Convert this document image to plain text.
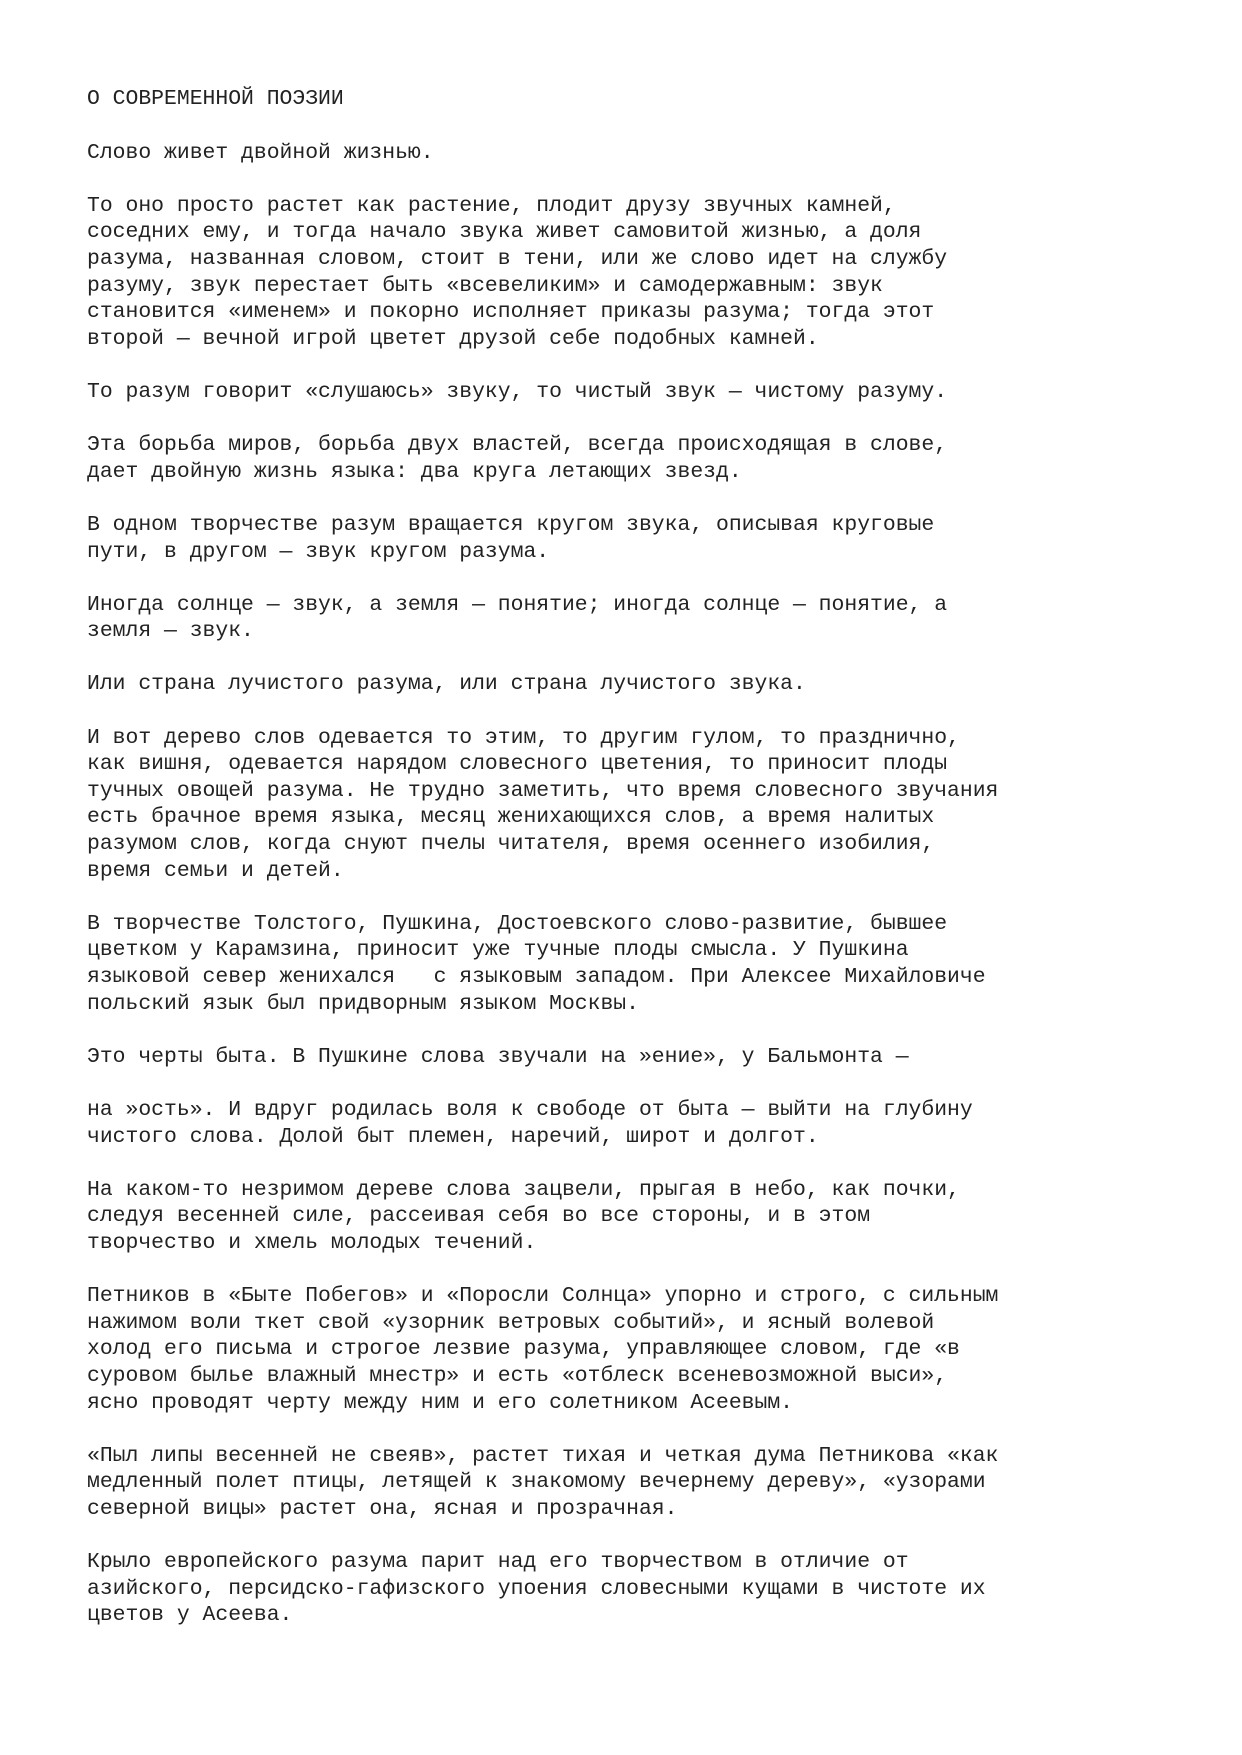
О СОВРЕМЕННОЙ ПОЭЗИИ
Слово живет двойной жизнью.
То оно просто растет как растение, плодит друзу звучных камней,
соседних ему, и тогда начало звука живет самовитой жизнью, а доля
разума, названная словом, стоит в тени, или же слово идет на службу
разуму, звук перестает быть «всевеликим» и самодержавным: звук
становится «именем» и покорно исполняет приказы разума; тогда этот
второй — вечной игрой цветет друзой себе подобных камней.
То разум говорит «слушаюсь» звуку, то чистый звук — чистому разуму.
Эта борьба миров, борьба двух властей, всегда происходящая в слове,
дает двойную жизнь языка: два круга летающих звезд.
В одном творчестве разум вращается кругом звука, описывая круговые
пути, в другом — звук кругом разума.
Иногда солнце — звук, а земля — понятие; иногда солнце — понятие, а
земля — звук.
Или страна лучистого разума, или страна лучистого звука.
И вот дерево слов одевается то этим, то другим гулом, то празднично,
как вишня, одевается нарядом словесного цветения, то приносит плоды
тучных овощей разума. Не трудно заметить, что время словесного звучания
есть брачное время языка, месяц женихающихся слов, а время налитых
разумом слов, когда снуют пчелы читателя, время осеннего изобилия,
время семьи и детей.
В творчестве Толстого, Пушкина, Достоевского слово-развитие, бывшее
цветком у Карамзина, приносит уже тучные плоды смысла. У Пушкина
языковой север женихался   с языковым западом. При Алексее Михайловиче
польский язык был придворным языком Москвы.
Это черты быта. В Пушкине слова звучали на »ение», у Бальмонта —
на »ость». И вдруг родилась воля к свободе от быта — выйти на глубину
чистого слова. Долой быт племен, наречий, широт и долгот.
На каком-то незримом дереве слова зацвели, прыгая в небо, как почки,
следуя весенней силе, рассеивая себя во все стороны, и в этом
творчество и хмель молодых течений.
Петников в «Быте Побегов» и «Поросли Солнца» упорно и строго, с сильным
нажимом воли ткет свой «узорник ветровых событий», и ясный волевой
холод его письма и строгое лезвие разума, управляющее словом, где «в
суровом былье влажный мнестр» и есть «отблеск всеневозможной выси»,
ясно проводят черту между ним и его солетником Асеевым.
«Пыл липы весенней не свеяв», растет тихая и четкая дума Петникова «как
медленный полет птицы, летящей к знакомому вечернему дереву», «узорами
северной вицы» растет она, ясная и прозрачная.
Крыло европейского разума парит над его творчеством в отличие от
азийского, персидско-гафизского упоения словесными кущами в чистоте их
цветов у Асеева.
